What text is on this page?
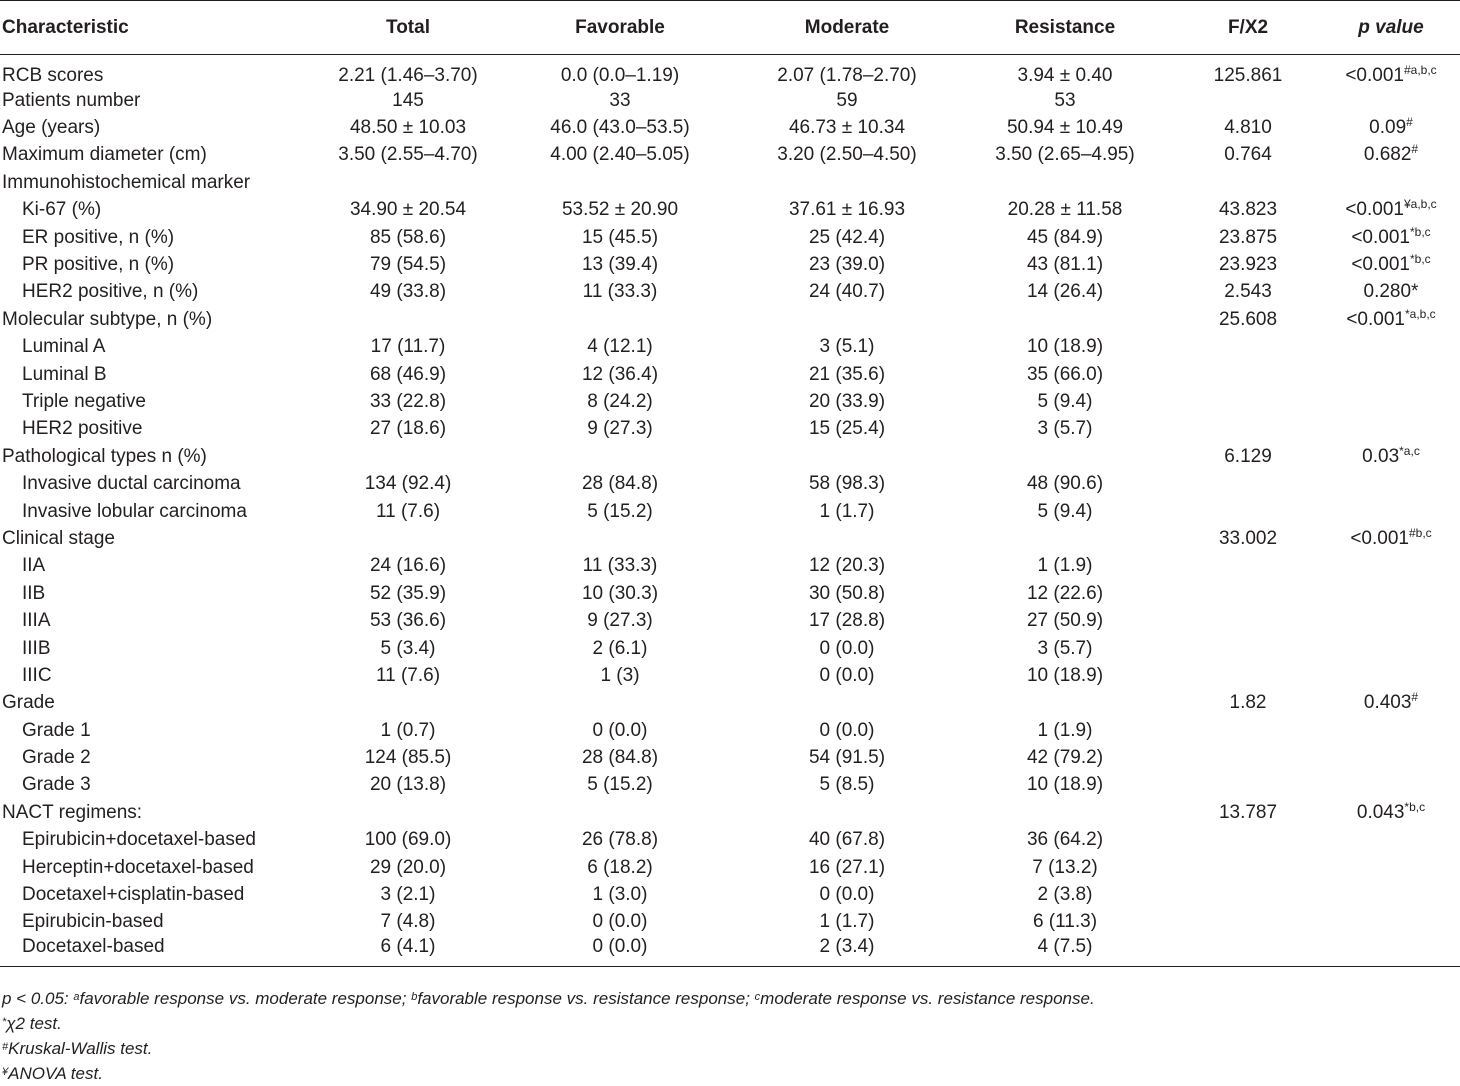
Characteristic	Total	Favorable	Moderate	Resistance	F/X2	p value
RCB scores	2.21 (1.46–3.70)	0.0 (0.0–1.19)	2.07 (1.78–2.70)	3.94 ± 0.40	125.861	$<0.001^{\#a,b,c}$
Patients number	145	33	59	53		
Age (years)	48.50 ± 10.03	46.0 (43.0–53.5)	46.73 ± 10.34	50.94 ± 10.49	4.810	0.09#
Maximum diameter (cm)	3.50 (2.55–4.70)	4.00 (2.40–5.05)	3.20 (2.50–4.50)	3.50 (2.65–4.95)	0.764	0.682#
Immunohistochemical marker						
Ki-67 (%)	34.90 ± 20.54	53.52 ± 20.90	37.61 ± 16.93	20.28 ± 11.58	43.823	$<0.001^{¥a,b,c}$
ER positive, n (%)	85 (58.6)	15 (45.5)	25 (42.4)	45 (84.9)	23.875	$<0.001^{*b,c}$
PR positive, n (%)	79 (54.5)	13 (39.4)	23 (39.0)	43 (81.1)	23.923	$<0.001^{*b,c}$
HER2 positive, n (%)	49 (33.8)	11 (33.3)	24 (40.7)	14 (26.4)	2.543	0.280*
Molecular subtype, n (%)					25.608	$<0.001^{*a,b,c}$
Luminal A	17 (11.7)	4 (12.1)	3 (5.1)	10 (18.9)		
Luminal B	68 (46.9)	12 (36.4)	21 (35.6)	35 (66.0)		
Triple negative	33 (22.8)	8 (24.2)	20 (33.9)	5 (9.4)		
HER2 positive	27 (18.6)	9 (27.3)	15 (25.4)	3 (5.7)		
Pathological types n (%)					6.129	0.03$^{*a,c}$
Invasive ductal carcinoma	134 (92.4)	28 (84.8)	58 (98.3)	48 (90.6)		
Invasive lobular carcinoma	11 (7.6)	5 (15.2)	1 (1.7)	5 (9.4)		
Clinical stage					33.002	$<0.001^{\#b,c}$
IIA	24 (16.6)	11 (33.3)	12 (20.3)	1 (1.9)		
IIB	52 (35.9)	10 (30.3)	30 (50.8)	12 (22.6)		
IIIA	53 (36.6)	9 (27.3)	17 (28.8)	27 (50.9)		
IIIB	5 (3.4)	2 (6.1)	0 (0.0)	3 (5.7)		
IIIC	11 (7.6)	1 (3)	0 (0.0)	10 (18.9)		
Grade					1.82	0.403#
Grade 1	1 (0.7)	0 (0.0)	0 (0.0)	1 (1.9)		
Grade 2	124 (85.5)	28 (84.8)	54 (91.5)	42 (79.2)		
Grade 3	20 (13.8)	5 (15.2)	5 (8.5)	10 (18.9)		
NACT regimens:					13.787	0.043$^{*b,c}$
Epirubicin+docetaxel-based	100 (69.0)	26 (78.8)	40 (67.8)	36 (64.2)		
Herceptin+docetaxel-based	29 (20.0)	6 (18.2)	16 (27.1)	7 (13.2)		
Docetaxel+cisplatin-based	3 (2.1)	1 (3.0)	0 (0.0)	2 (3.8)		
Epirubicin-based	7 (4.8)	0 (0.0)	1 (1.7)	6 (11.3)		
Docetaxel-based	6 (4.1)	0 (0.0)	2 (3.4)	4 (7.5)		
p < 0.05: $^a$favorable response vs. moderate response; $^b$favorable response vs. resistance response; $^c$moderate response vs. resistance response.
*χ2 test.
#Kruskal-Wallis test.
¥ANOVA test.
